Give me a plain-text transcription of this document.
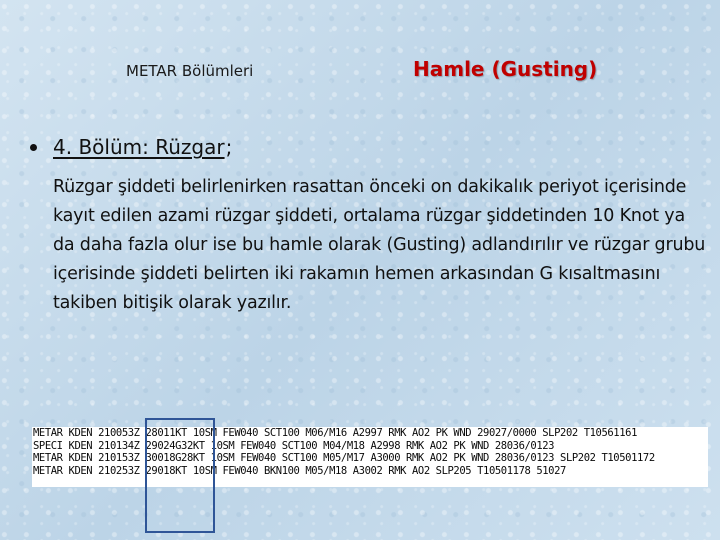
METAR Bölümleri	Hamle (Gusting)
4. Bölüm: Rüzgar ;

Rüzgar şiddeti belirlenirken rasattan önceki on dakikalık periyot içerisinde kayıt edilen azami rüzgar şiddeti, ortalama rüzgar şiddetinden 10 Knot ya da daha fazla olur ise bu hamle olarak (Gusting) adlandırılır ve rüzgar grubu içerisinde şiddeti belirten iki rakamın hemen arkasından G kısaltmasını takiben bitişik olarak yazılır.

METAR KDEN 210053Z 28011KT 10SM FEW040 SCT100 M06/M16 A2997 RMK AO2 PK WND 29027/0000 SLP202 T10561161
SPECI KDEN 210134Z 29024G32KT 10SM FEW040 SCT100 M04/M18 A2998 RMK AO2 PK WND 28036/0123
METAR KDEN 210153Z 30018G28KT 10SM FEW040 SCT100 M05/M17 A3000 RMK AO2 PK WND 28036/0123 SLP202 T10501172
METAR KDEN 210253Z 29018KT 10SM FEW040 BKN100 M05/M18 A3002 RMK AO2 SLP205 T10501178 51027
